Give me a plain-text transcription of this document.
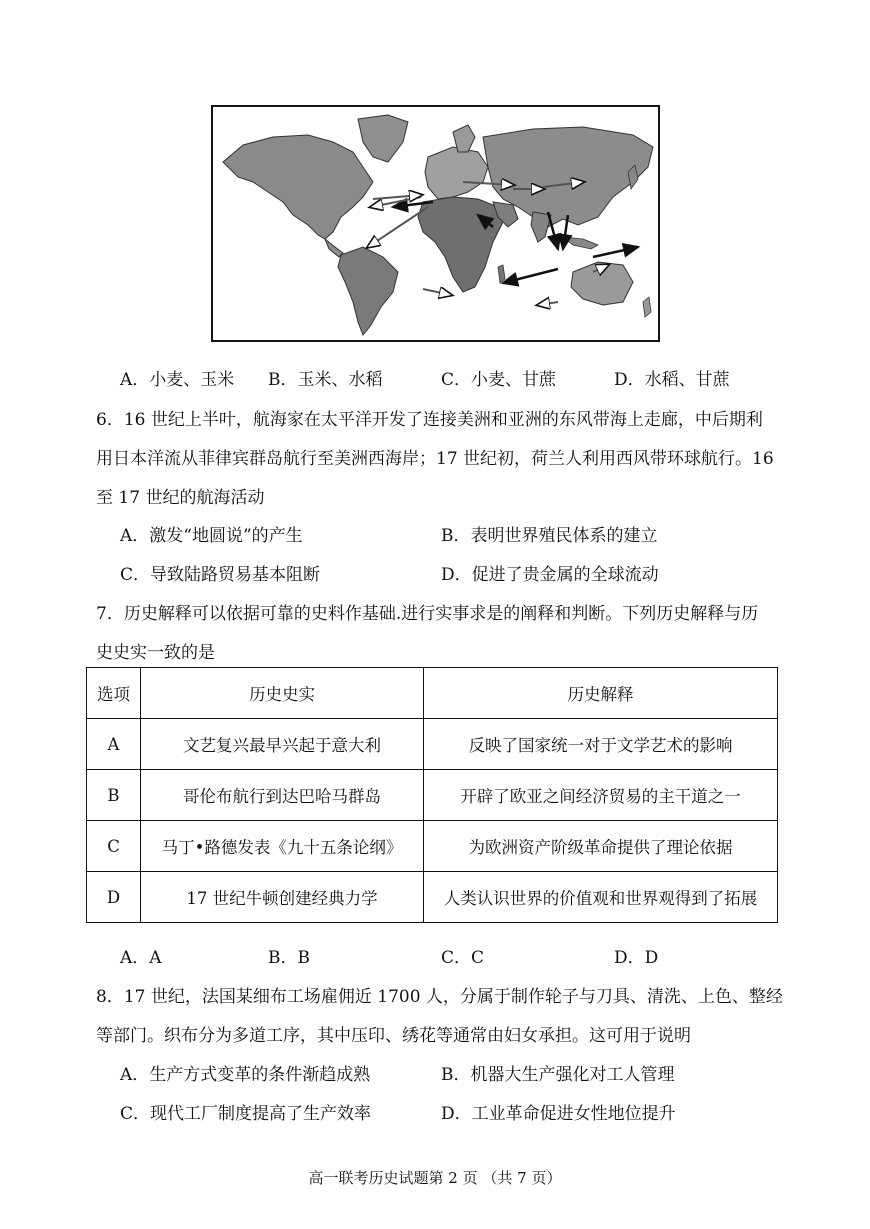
A．小麦、玉米 B．玉米、水稻	C．小麦、甘蔗	D．水稻、甘蔗
6．16 世纪上半叶，航海家在太平洋开发了连接美洲和亚洲的东风带海上走廊，中后期利
用日本洋流从菲律宾群岛航行至美洲西海岸；17 世纪初，荷兰人利用西风带环球航行。16
至 17 世纪的航海活动
A．激发“地圆说”的产生	B．表明世界殖民体系的建立
C．导致陆路贸易基本阻断	D．促进了贵金属的全球流动
7．历史解释可以依据可靠的史料作基础.进行实事求是的阐释和判断。下列历史解释与历
史史实一致的是
选项	历史史实	历史解释
A	文艺复兴最早兴起于意大利	反映了国家统一对于文学艺术的影响
B	哥伦布航行到达巴哈马群岛	开辟了欧亚之间经济贸易的主干道之一
C	马丁•路德发表《九十五条论纲》	为欧洲资产阶级革命提供了理论依据
D	17 世纪牛顿创建经典力学	人类认识世界的价值观和世界观得到了拓展
A．A	B．B	C．C	D．D
8．17 世纪，法国某细布工场雇佣近 1700 人，分属于制作轮子与刀具、清洗、上色、整经
等部门。织布分为多道工序，其中压印、绣花等通常由妇女承担。这可用于说明
A．生产方式变革的条件渐趋成熟	B．机器大生产强化对工人管理
C．现代工厂制度提高了生产效率	D．工业革命促进女性地位提升
高一联考历史试题第 2 页 （共 7 页）
